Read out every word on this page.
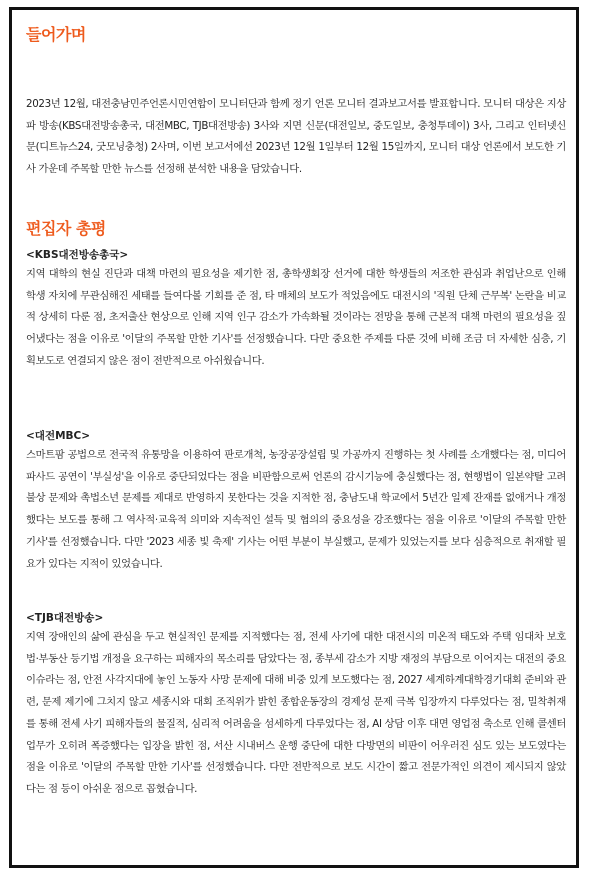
들어가며

2023년 12월, 대전충남민주언론시민연합이 모니터단과 함께 정기 언론 모니터 결과보고서를 발표합니다. 모니터 대상은 지상파 방송(KBS대전방송총국, 대전MBC, TJB대전방송) 3사와 지면 신문(대전일보, 중도일보, 충청투데이) 3사, 그리고 인터넷신문(디트뉴스24, 굿모닝충청) 2사며, 이번 보고서에선 2023년 12월 1일부터 12월 15일까지, 모니터 대상 언론에서 보도한 기사 가운데 주목할 만한 뉴스를 선정해 분석한 내용을 담았습니다.

편집자 총평
<KBS대전방송총국>

지역 대학의 현실 진단과 대책 마련의 필요성을 제기한 점, 총학생회장 선거에 대한 학생들의 저조한 관심과 취업난으로 인해 학생 자치에 무관심해진 세태를 들여다볼 기회를 준 점, 타 매체의 보도가 적었음에도 대전시의 '직원 단체 근무복' 논란을 비교적 상세히 다룬 점, 초저출산 현상으로 인해 지역 인구 감소가 가속화될 것이라는 전망을 통해 근본적 대책 마련의 필요성을 짚어냈다는 점을 이유로 '이달의 주목할 만한 기사'를 선정했습니다. 다만 중요한 주제를 다룬 것에 비해 조금 더 자세한 심층, 기획보도로 연결되지 않은 점이 전반적으로 아쉬웠습니다.

<대전MBC>

스마트팜 공법으로 전국적 유통망을 이용하여 판로개척, 농장공장설립 및 가공까지 진행하는 첫 사례를 소개했다는 점, 미디어파사드 공연이 '부실성'을 이유로 중단되었다는 점을 비판함으로써 언론의 감시기능에 충실했다는 점, 현행법이 일본약탈 고려 불상 문제와 촉법소년 문제를 제대로 반영하지 못한다는 것을 지적한 점, 충남도내 학교에서 5년간 일제 잔재를 없애거나 개정했다는 보도를 통해 그 역사적·교육적 의미와 지속적인 설득 및 협의의 중요성을 강조했다는 점을 이유로 '이달의 주목할 만한 기사'를 선정했습니다. 다만 '2023 세종 빛 축제' 기사는 어떤 부분이 부실했고, 문제가 있었는지를 보다 심층적으로 취재할 필요가 있다는 지적이 있었습니다.

<TJB대전방송>

지역 장애인의 삶에 관심을 두고 현실적인 문제를 지적했다는 점, 전세 사기에 대한 대전시의 미온적 태도와 주택 임대차 보호법·부동산 등기법 개정을 요구하는 피해자의 목소리를 담았다는 점, 종부세 감소가 지방 재정의 부담으로 이어지는 대전의 중요 이슈라는 점, 안전 사각지대에 놓인 노동자 사망 문제에 대해 비중 있게 보도했다는 점, 2027 세계하계대학경기대회 준비와 관련, 문제 제기에 그치지 않고 세종시와 대회 조직위가 밝힌 종합운동장의 경제성 문제 극복 입장까지 다루었다는 점, 밀착취재를 통해 전세 사기 피해자들의 물질적, 심리적 어려움을 섬세하게 다루었다는 점, AI 상담 이후 대면 영업점 축소로 인해 콜센터 업무가 오히려 폭증했다는 입장을 밝힌 점, 서산 시내버스 운행 중단에 대한 다방면의 비판이 어우러진 심도 있는 보도였다는 점을 이유로 '이달의 주목할 만한 기사'를 선정했습니다. 다만 전반적으로 보도 시간이 짧고 전문가적인 의견이 제시되지 않았다는 점 등이 아쉬운 점으로 꼽혔습니다.
